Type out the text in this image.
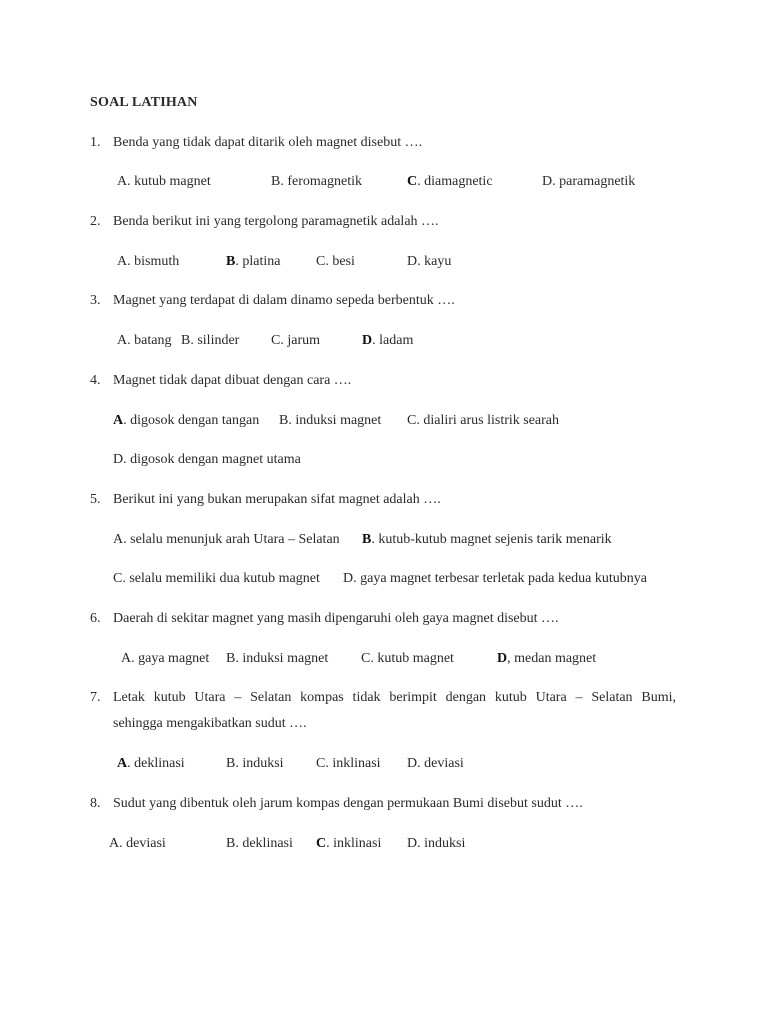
SOAL LATIHAN
1. Benda yang tidak dapat ditarik oleh magnet disebut ….
A. kutub magnet	B. feromagnetik	C. diamagnetic	D. paramagnetik
2. Benda berikut ini yang tergolong paramagnetik adalah ….
A. bismuth	B. platina	C. besi	D. kayu
3. Magnet yang terdapat di dalam dinamo sepeda berbentuk ….
A. batang B. silinder C. jarum	D. ladam
4. Magnet tidak dapat dibuat dengan cara ….
A. digosok dengan tangan B. induksi magnet C. dialiri arus listrik searah
D. digosok dengan magnet utama
5. Berikut ini yang bukan merupakan sifat magnet adalah ….
A. selalu menunjuk arah Utara – Selatan B. kutub-kutub magnet sejenis tarik menarik
C. selalu memiliki dua kutub magnet D. gaya magnet terbesar terletak pada kedua kutubnya
6. Daerah di sekitar magnet yang masih dipengaruhi oleh gaya magnet disebut ….
A. gaya magnet B. induksi magnet C. kutub magnet	D, medan magnet
7. Letak kutub Utara – Selatan kompas tidak berimpit dengan kutub Utara – Selatan Bumi,
sehingga mengakibatkan sudut ….
A. deklinasi	B. induksi C. inklinasi D. deviasi
8. Sudut yang dibentuk oleh jarum kompas dengan permukaan Bumi disebut sudut ….
A. deviasi	B. deklinasi C. inklinasi D. induksi
